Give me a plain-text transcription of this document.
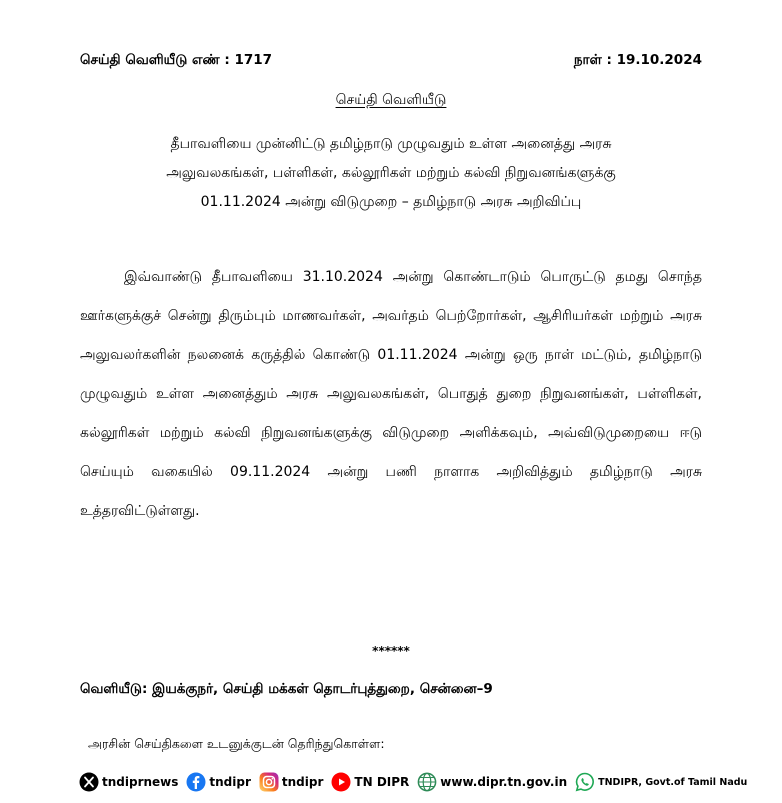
செய்தி வெளியீடு எண் : 1717	நாள் : 19.10.2024
செய்தி வெளியீடு
தீபாவளியை முன்னிட்டு தமிழ்நாடு முழுவதும் உள்ள அனைத்து அரசு
அலுவலகங்கள், பள்ளிகள், கல்லூரிகள் மற்றும் கல்வி நிறுவனங்களுக்கு
01.11.2024 அன்று விடுமுறை – தமிழ்நாடு அரசு அறிவிப்பு
இவ்வாண்டு தீபாவளியை 31.10.2024 அன்று கொண்டாடும் பொருட்டு தமது சொந்த ஊர்களுக்குச் சென்று திரும்பும் மாணவர்கள், அவர்தம் பெற்றோர்கள், ஆசிரியர்கள் மற்றும் அரசு அலுவலர்களின் நலனைக் கருத்தில் கொண்டு 01.11.2024 அன்று ஒரு நாள் மட்டும், தமிழ்நாடு முழுவதும் உள்ள அனைத்தும் அரசு அலுவலகங்கள், பொதுத் துறை நிறுவனங்கள், பள்ளிகள், கல்லூரிகள் மற்றும் கல்வி நிறுவனங்களுக்கு விடுமுறை அளிக்கவும், அவ்விடுமுறையை ஈடு செய்யும் வகையில் 09.11.2024 அன்று பணி நாளாக அறிவித்தும் தமிழ்நாடு அரசு உத்தரவிட்டுள்ளது.
******
வெளியீடு: இயக்குநர், செய்தி மக்கள் தொடர்புத்துறை, சென்னை–9
அரசின் செய்திகளை உடனுக்குடன் தெரிந்துகொள்ள:
tndiprnews	tndipr	tndipr	TN DIPR	www.dipr.tn.gov.in	TNDIPR, Govt.of Tamil Nadu
